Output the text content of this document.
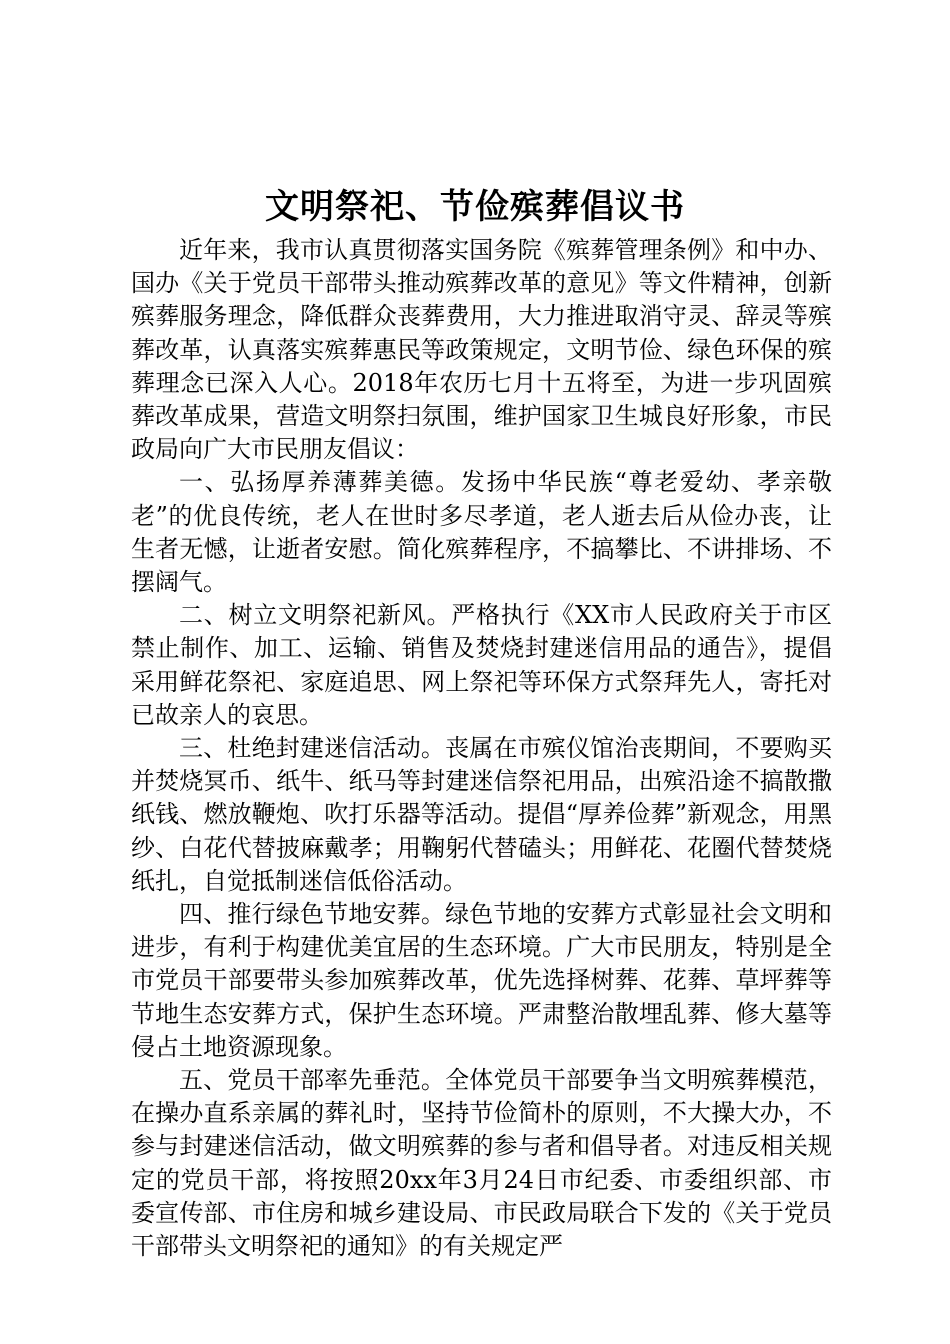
文明祭祀、节俭殡葬倡议书

近年来，我市认真贯彻落实国务院《殡葬管理条例》和中办、国办《关于党员干部带头推动殡葬改革的意见》等文件精神，创新殡葬服务理念，降低群众丧葬费用，大力推进取消守灵、辞灵等殡葬改革，认真落实殡葬惠民等政策规定，文明节俭、绿色环保的殡葬理念已深入人心。2018年农历七月十五将至，为进一步巩固殡葬改革成果，营造文明祭扫氛围，维护国家卫生城良好形象，市民政局向广大市民朋友倡议：

一、弘扬厚养薄葬美德。发扬中华民族“尊老爱幼、孝亲敬老”的优良传统，老人在世时多尽孝道，老人逝去后从俭办丧，让生者无憾，让逝者安慰。简化殡葬程序，不搞攀比、不讲排场、不摆阔气。

二、树立文明祭祀新风。严格执行《XX市人民政府关于市区禁止制作、加工、运输、销售及焚烧封建迷信用品的通告》，提倡采用鲜花祭祀、家庭追思、网上祭祀等环保方式祭拜先人，寄托对已故亲人的哀思。

三、杜绝封建迷信活动。丧属在市殡仪馆治丧期间，不要购买并焚烧冥币、纸牛、纸马等封建迷信祭祀用品，出殡沿途不搞散撒纸钱、燃放鞭炮、吹打乐器等活动。提倡“厚养俭葬”新观念，用黑纱、白花代替披麻戴孝；用鞠躬代替磕头；用鲜花、花圈代替焚烧纸扎，自觉抵制迷信低俗活动。

四、推行绿色节地安葬。绿色节地的安葬方式彰显社会文明和进步，有利于构建优美宜居的生态环境。广大市民朋友，特别是全市党员干部要带头参加殡葬改革，优先选择树葬、花葬、草坪葬等节地生态安葬方式，保护生态环境。严肃整治散埋乱葬、修大墓等侵占土地资源现象。

五、党员干部率先垂范。全体党员干部要争当文明殡葬模范，在操办直系亲属的葬礼时，坚持节俭简朴的原则，不大操大办，不参与封建迷信活动，做文明殡葬的参与者和倡导者。对违反相关规定的党员干部，将按照20xx年3月24日市纪委、市委组织部、市委宣传部、市住房和城乡建设局、市民政局联合下发的《关于党员干部带头文明祭祀的通知》的有关规定严
